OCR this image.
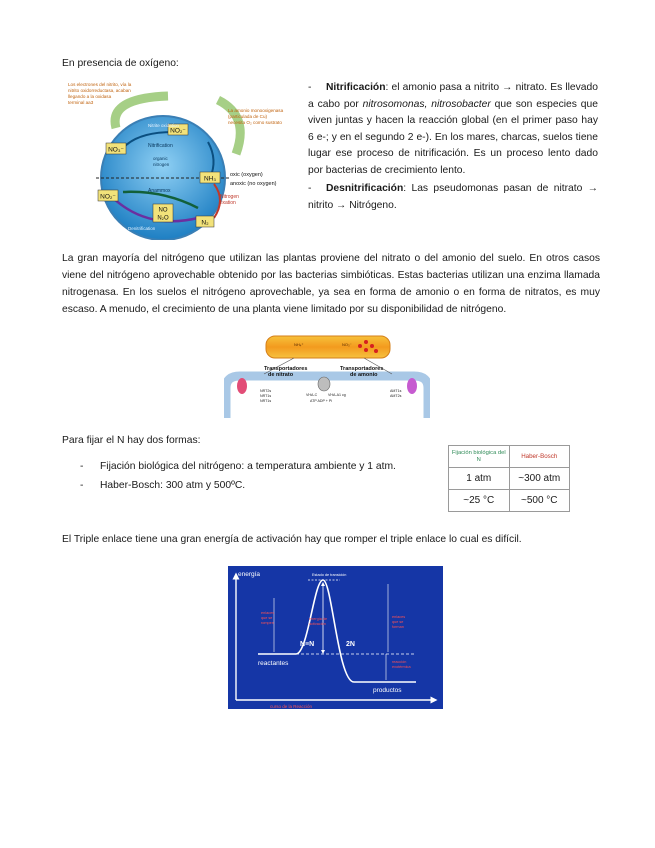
En presencia de oxígeno:
NO₂⁻
NO₃⁻
NH₃
NO₂⁻
NO
N₂O
N₂
Nitrite oxidation
Nitrification
organic
nitrogen
oxic (oxygen)
anoxic (no oxygen)
Anammox
Nitrogen
fixation
Denitrification
Los electrones del nitrito, vía la
nitrito oxidorreductasa, acaban
llegando a la oxidasa
terminal aa3
La amonio monooxigenasa
(particulada de Cu)
necesita O₂ como sustrato
- Nitrificación: el amonio pasa a nitrito → nitrato. Es llevado a cabo por nitrosomonas, nitrosobacter que son especies que viven juntas y hacen la reacción global (en el primer paso hay 6 e-; y en el segundo 2 e-). En los mares, charcas, suelos tiene lugar ese proceso de nitrificación. Es un proceso lento dado por bacterias de crecimiento lento.
- Desnitrificación: Las pseudomonas pasan de nitrato → nitrito → Nitrógeno.
La gran mayoría del nitrógeno que utilizan las plantas proviene del nitrato o del amonio del suelo. En otros casos viene del nitrógeno aprovechable obtenido por las bacterias simbióticas. Estas bacterias utilizan una enzima llamada nitrogenasa. En los suelos el nitrógeno aprovechable, ya sea en forma de amonio o en forma de nitratos, es muy escaso. A menudo, el crecimiento de una planta viene limitado por su disponibilidad de nitrógeno.
NH₄⁺	NO₃⁻
Transportadores
de nitrato
Transportadores
de amonio
NRT2s
NRT1s
NRT1s
AMT1s
AMT2s
VHA-C	VHA-A1 cg
ATP ADP + Pi
Para fijar el N hay dos formas:
- Fijación biológica del nitrógeno: a temperatura ambiente y 1 atm.
- Haber-Bosch: 300 atm y 500ºC.
Fijación biológica del N	Haber-Bosch
1 atm	~300 atm
~25 °C	~500 °C
El Triple enlace tiene una gran energía de activación hay que romper el triple enlace lo cual es difícil.
energía
curso de la Reacción
Estado de transición
energía de
activación
enlaces
que se
rompen
enlaces
que se
forman
reacción
exotérmica
N≡N	2N
reactantes
productos
